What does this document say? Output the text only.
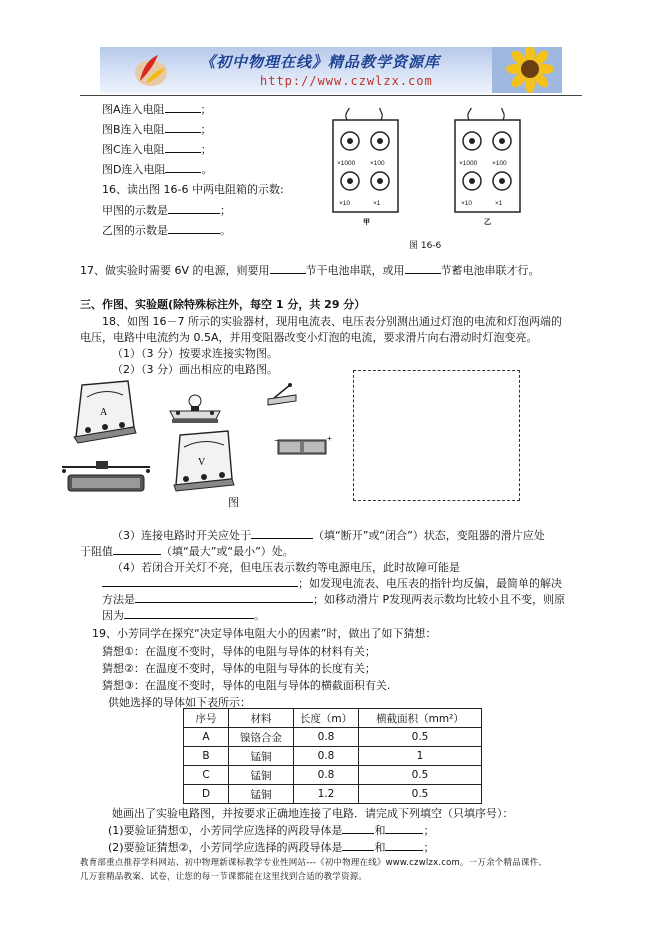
《初中物理在线》精品教学资源库
http://www.czwlzx.com
图A连入电阻	；
图B连入电阻	；
图C连入电阻	；
图D连入电阻	。
16、读出图 16-6 中两电阻箱的示数:
甲图的示数是	；
乙图的示数是	。
×1000 ×100
×10	×1
甲
×1000 ×100
×10	×1
乙
图 16-6
17、做实验时需要 6V 的电源，则要用	节干电池串联，或用	节蓄电池串联才行。
三、作图、实验题(除特殊标注外，每空 1 分，共 29 分）
18、如图 16－7 所示的实验器材，现用电流表、电压表分别测出通过灯泡的电流和灯泡两端的
电压，电路中电流约为 0.5A，并用变阻器改变小灯泡的电流，要求滑片向右滑动时灯泡变亮。
（1）（3 分）按要求连接实物图。
（2）（3 分）画出相应的电路图。
A
−	+
V
图
（3）连接电路时开关应处于	（填“断开”或“闭合”）状态，变阻器的滑片应处
于阻值	（填“最大”或“最小”）处。
（4）若闭合开关灯不亮，但电压表示数约等电源电压，此时故障可能是
；如发现电流表、电压表的指针均反偏，最简单的解决
方法是	；如移动滑片 P发现两表示数均比较小且不变，则原
因为	。
19、小芳同学在探究“决定导体电阻大小的因素”时，做出了如下猜想：
猜想①：在温度不变时，导体的电阻与导体的材料有关；
猜想②：在温度不变时，导体的电阻与导体的长度有关；
猜想③：在温度不变时，导体的电阻与导体的横截面积有关.
供她选择的导体如下表所示：
序号	材料	长度（m）	横截面积（mm²）
A	镍铬合金	0.8	0.5
B	锰铜	0.8	1
C	锰铜	0.8	0.5
D	锰铜	1.2	0.5
她画出了实验电路图，并按要求正确地连接了电路．请完成下列填空（只填序号）：
(1)要验证猜想①，小芳同学应选择的两段导体是	和	；
(2)要验证猜想②，小芳同学应选择的两段导体是	和	；
教育部重点推荐学科网站、初中物理新课标教学专业性网站---《初中物理在线》www.czwlzx.com。一万余个精品课件、
几万套精品教案、试卷，让您的每一节课都能在这里找到合适的教学资源。
